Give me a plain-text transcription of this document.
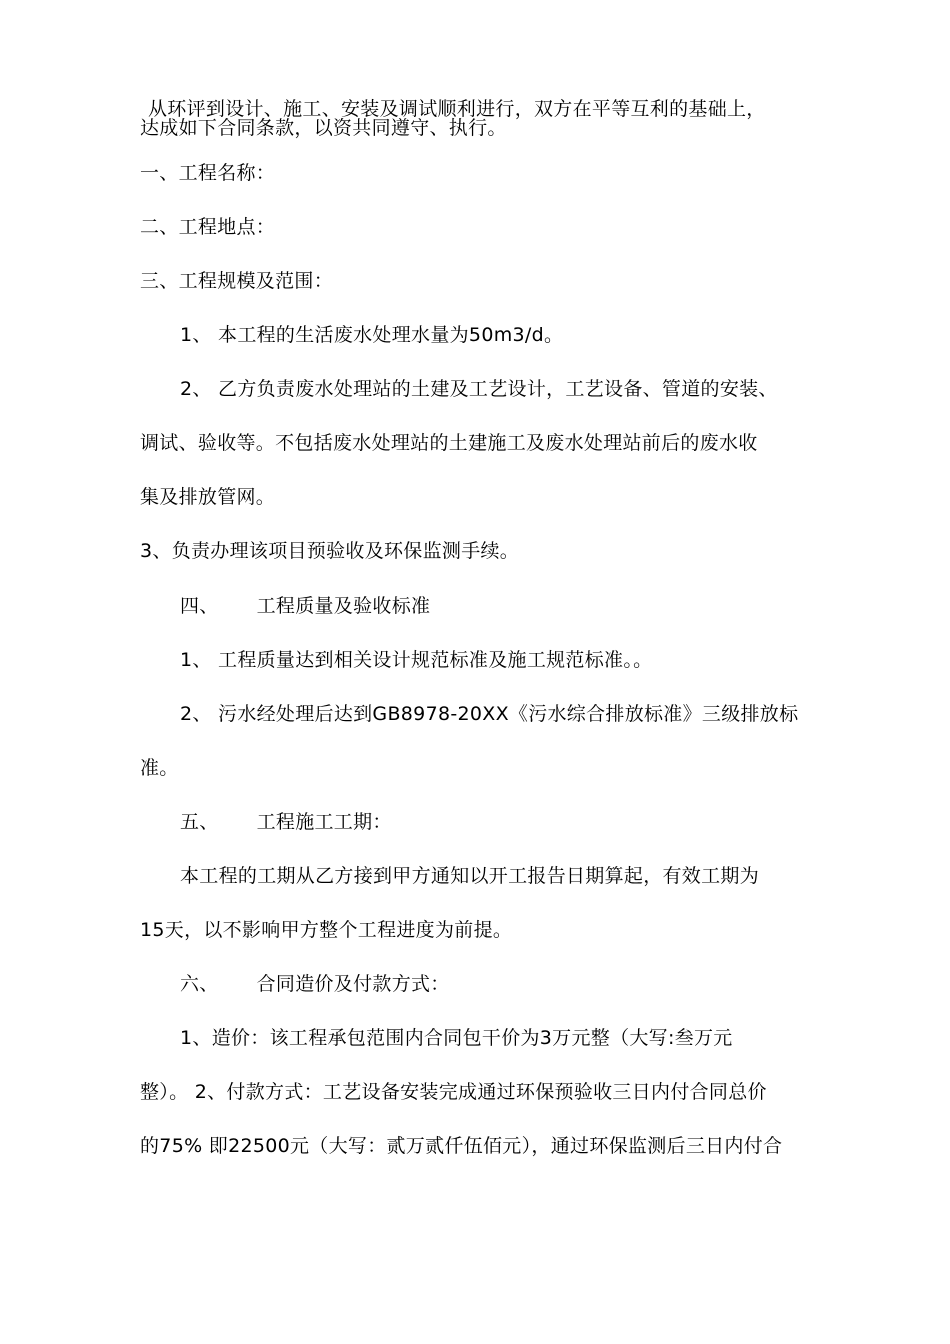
从环评到设计、施工、安装及调试顺利进行，双方在平等互利的基础上，
达成如下合同条款，以资共同遵守、执行。
一、工程名称：
二、工程地点：
三、工程规模及范围：
1、 本工程的生活废水处理水量为50m3/d。
2、 乙方负责废水处理站的土建及工艺设计，工艺设备、管道的安装、
调试、验收等。不包括废水处理站的土建施工及废水处理站前后的废水收
集及排放管网。
3、负责办理该项目预验收及环保监测手续。
四、 工程质量及验收标准
1、 工程质量达到相关设计规范标准及施工规范标准。。
2、 污水经处理后达到GB8978-20XX《污水综合排放标准》三级排放标
准。
五、 工程施工工期：
本工程的工期从乙方接到甲方通知以开工报告日期算起，有效工期为
15天，以不影响甲方整个工程进度为前提。
六、 合同造价及付款方式：
1、造价：该工程承包范围内合同包干价为3万元整（大写:叁万元
整）。 2、付款方式：工艺设备安装完成通过环保预验收三日内付合同总价
的75% 即22500元（大写：贰万贰仟伍佰元），通过环保监测后三日内付合
